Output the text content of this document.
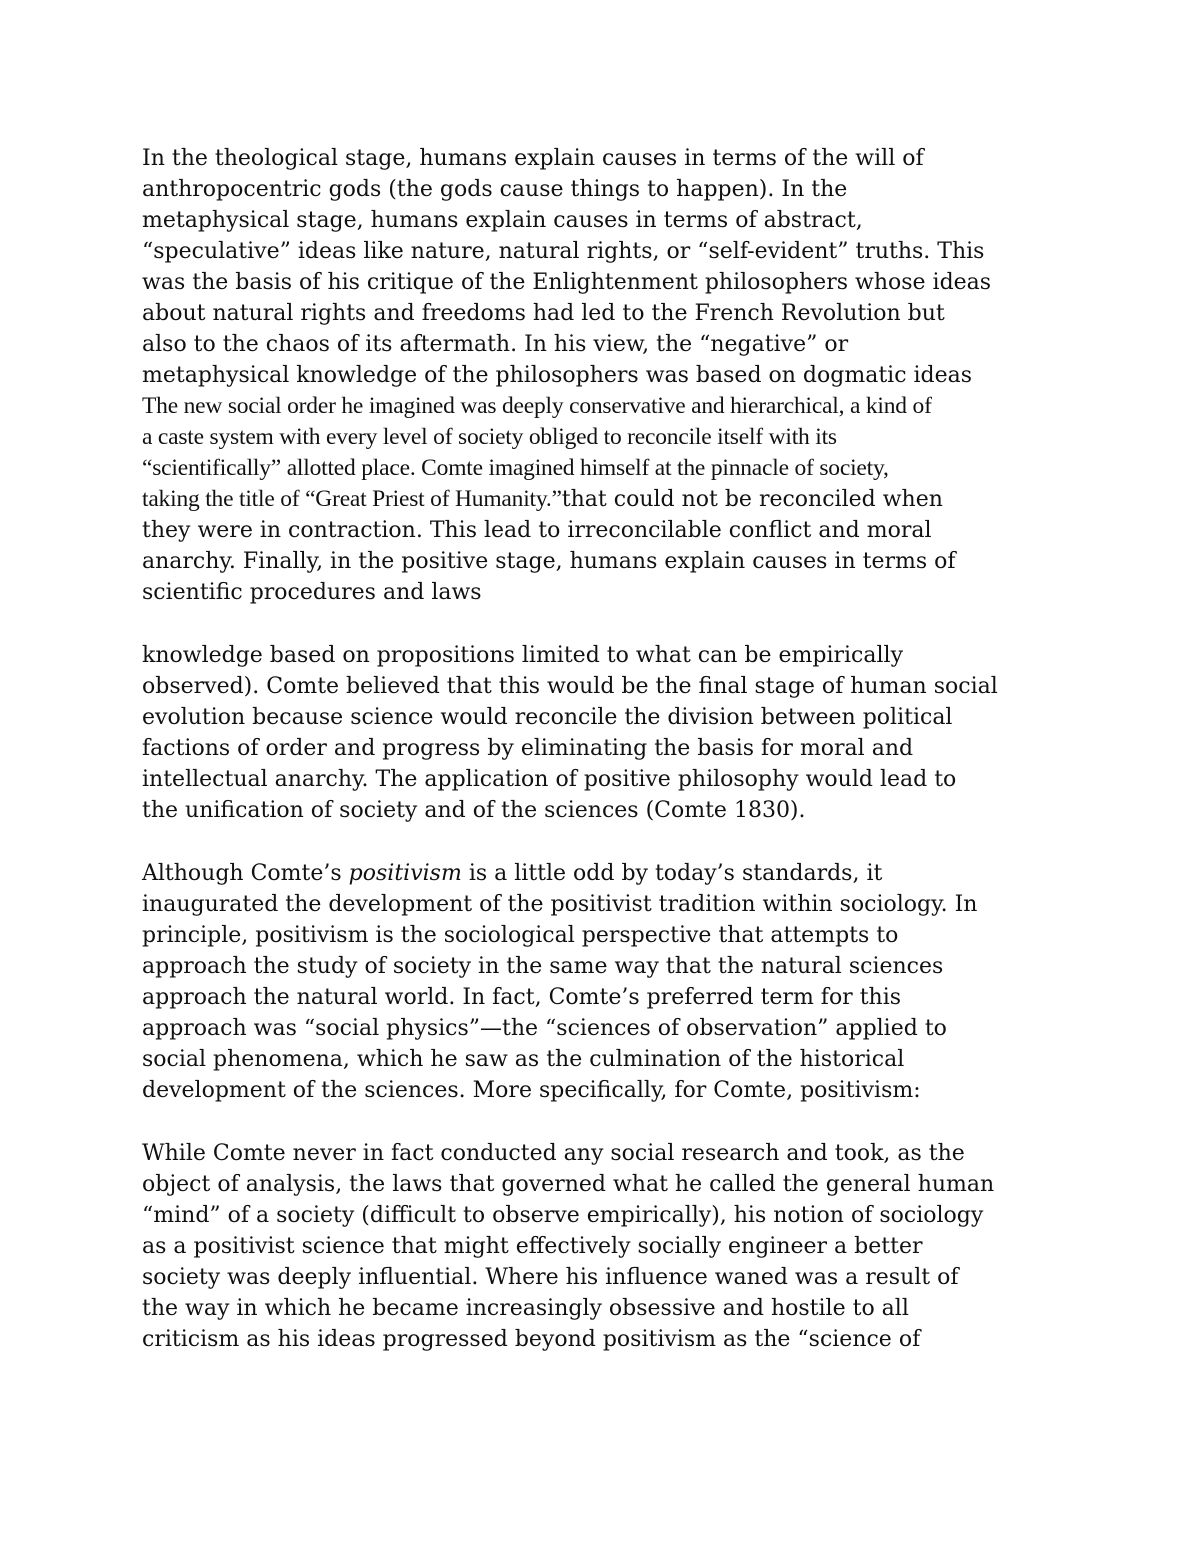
In the theological stage, humans explain causes in terms of the will of
anthropocentric gods (the gods cause things to happen). In the
metaphysical stage, humans explain causes in terms of abstract,
“speculative” ideas like nature, natural rights, or “self-evident” truths. This
was the basis of his critique of the Enlightenment philosophers whose ideas
about natural rights and freedoms had led to the French Revolution but
also to the chaos of its aftermath. In his view, the “negative” or
metaphysical knowledge of the philosophers was based on dogmatic ideas
The new social order he imagined was deeply conservative and hierarchical, a kind of
a caste system with every level of society obliged to reconcile itself with its
“scientifically” allotted place. Comte imagined himself at the pinnacle of society,
taking the title of “Great Priest of Humanity.”that could not be reconciled when
they were in contraction. This lead to irreconcilable conflict and moral
anarchy. Finally, in the positive stage, humans explain causes in terms of
scientific procedures and laws
knowledge based on propositions limited to what can be empirically
observed). Comte believed that this would be the final stage of human social
evolution because science would reconcile the division between political
factions of order and progress by eliminating the basis for moral and
intellectual anarchy. The application of positive philosophy would lead to
the unification of society and of the sciences (Comte 1830).
Although Comte’s positivism is a little odd by today’s standards, it
inaugurated the development of the positivist tradition within sociology. In
principle, positivism is the sociological perspective that attempts to
approach the study of society in the same way that the natural sciences
approach the natural world. In fact, Comte’s preferred term for this
approach was “social physics”—the “sciences of observation” applied to
social phenomena, which he saw as the culmination of the historical
development of the sciences. More specifically, for Comte, positivism:
While Comte never in fact conducted any social research and took, as the
object of analysis, the laws that governed what he called the general human
“mind” of a society (difficult to observe empirically), his notion of sociology
as a positivist science that might effectively socially engineer a better
society was deeply influential. Where his influence waned was a result of
the way in which he became increasingly obsessive and hostile to all
criticism as his ideas progressed beyond positivism as the “science of
